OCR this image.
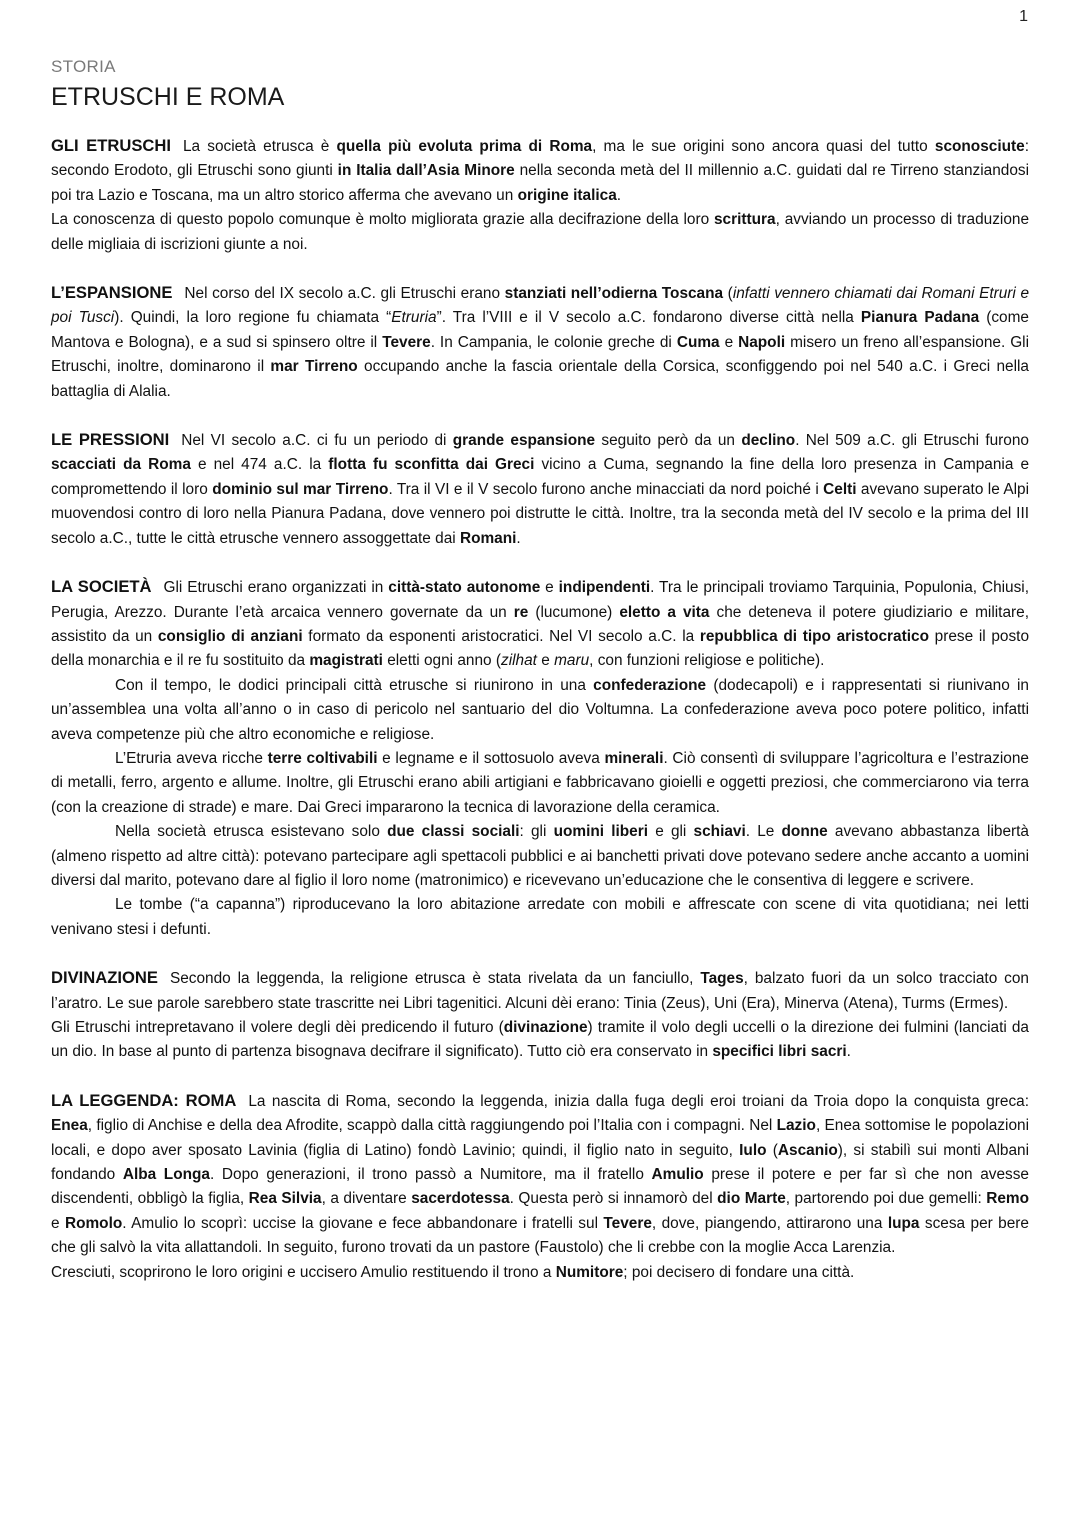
1
STORIA
ETRUSCHI E ROMA

GLI ETRUSCHI La società etrusca è quella più evoluta prima di Roma, ma le sue origini sono ancora quasi del tutto sconosciute: secondo Erodoto, gli Etruschi sono giunti in Italia dall’Asia Minore nella seconda metà del II millennio a.C. guidati dal re Tirreno stanziandosi poi tra Lazio e Toscana, ma un altro storico afferma che avevano un origine italica.

La conoscenza di questo popolo comunque è molto migliorata grazie alla decifrazione della loro scrittura, avviando un processo di traduzione delle migliaia di iscrizioni giunte a noi.

L’ESPANSIONE Nel corso del IX secolo a.C. gli Etruschi erano stanziati nell’odierna Toscana (infatti vennero chiamati dai Romani Etruri e poi Tusci). Quindi, la loro regione fu chiamata “Etruria”. Tra l’VIII e il V secolo a.C. fondarono diverse città nella Pianura Padana (come Mantova e Bologna), e a sud si spinsero oltre il Tevere. In Campania, le colonie greche di Cuma e Napoli misero un freno all’espansione. Gli Etruschi, inoltre, dominarono il mar Tirreno occupando anche la fascia orientale della Corsica, sconfiggendo poi nel 540 a.C. i Greci nella battaglia di Alalia.

LE PRESSIONI Nel VI secolo a.C. ci fu un periodo di grande espansione seguito però da un declino. Nel 509 a.C. gli Etruschi furono scacciati da Roma e nel 474 a.C. la flotta fu sconfitta dai Greci vicino a Cuma, segnando la fine della loro presenza in Campania e compromettendo il loro dominio sul mar Tirreno. Tra il VI e il V secolo furono anche minacciati da nord poiché i Celti avevano superato le Alpi muovendosi contro di loro nella Pianura Padana, dove vennero poi distrutte le città. Inoltre, tra la seconda metà del IV secolo e la prima del III secolo a.C., tutte le città etrusche vennero assoggettate dai Romani.

LA SOCIETÀ Gli Etruschi erano organizzati in città-stato autonome e indipendenti. Tra le principali troviamo Tarquinia, Populonia, Chiusi, Perugia, Arezzo. Durante l’età arcaica vennero governate da un re (lucumone) eletto a vita che deteneva il potere giudiziario e militare, assistito da un consiglio di anziani formato da esponenti aristocratici. Nel VI secolo a.C. la repubblica di tipo aristocratico prese il posto della monarchia e il re fu sostituito da magistrati eletti ogni anno (zilhat e maru, con funzioni religiose e politiche).

Con il tempo, le dodici principali città etrusche si riunirono in una confederazione (dodecapoli) e i rappresentati si riunivano in un’assemblea una volta all’anno o in caso di pericolo nel santuario del dio Voltumna. La confederazione aveva poco potere politico, infatti aveva competenze più che altro economiche e religiose.

L’Etruria aveva ricche terre coltivabili e legname e il sottosuolo aveva minerali. Ciò consentì di sviluppare l’agricoltura e l’estrazione di metalli, ferro, argento e allume. Inoltre, gli Etruschi erano abili artigiani e fabbricavano gioielli e oggetti preziosi, che commerciarono via terra (con la creazione di strade) e mare. Dai Greci impararono la tecnica di lavorazione della ceramica.

Nella società etrusca esistevano solo due classi sociali: gli uomini liberi e gli schiavi. Le donne avevano abbastanza libertà (almeno rispetto ad altre città): potevano partecipare agli spettacoli pubblici e ai banchetti privati dove potevano sedere anche accanto a uomini diversi dal marito, potevano dare al figlio il loro nome (matronimico) e ricevevano un’educazione che le consentiva di leggere e scrivere.

Le tombe (“a capanna”) riproducevano la loro abitazione arredate con mobili e affrescate con scene di vita quotidiana; nei letti venivano stesi i defunti.

DIVINAZIONE Secondo la leggenda, la religione etrusca è stata rivelata da un fanciullo, Tages, balzato fuori da un solco tracciato con l’aratro. Le sue parole sarebbero state trascritte nei Libri tagenitici. Alcuni dèi erano: Tinia (Zeus), Uni (Era), Minerva (Atena), Turms (Ermes).

Gli Etruschi intrepretavano il volere degli dèi predicendo il futuro (divinazione) tramite il volo degli uccelli o la direzione dei fulmini (lanciati da un dio. In base al punto di partenza bisognava decifrare il significato). Tutto ciò era conservato in specifici libri sacri.

LA LEGGENDA: ROMA La nascita di Roma, secondo la leggenda, inizia dalla fuga degli eroi troiani da Troia dopo la conquista greca: Enea, figlio di Anchise e della dea Afrodite, scappò dalla città raggiungendo poi l’Italia con i compagni. Nel Lazio, Enea sottomise le popolazioni locali, e dopo aver sposato Lavinia (figlia di Latino) fondò Lavinio; quindi, il figlio nato in seguito, Iulo (Ascanio), si stabilì sui monti Albani fondando Alba Longa. Dopo generazioni, il trono passò a Numitore, ma il fratello Amulio prese il potere e per far sì che non avesse discendenti, obbligò la figlia, Rea Silvia, a diventare sacerdotessa. Questa però si innamorò del dio Marte, partorendo poi due gemelli: Remo e Romolo. Amulio lo scoprì: uccise la giovane e fece abbandonare i fratelli sul Tevere, dove, piangendo, attirarono una lupa scesa per bere che gli salvò la vita allattandoli. In seguito, furono trovati da un pastore (Faustolo) che li crebbe con la moglie Acca Larenzia.

Cresciuti, scoprirono le loro origini e uccisero Amulio restituendo il trono a Numitore; poi decisero di fondare una città.
